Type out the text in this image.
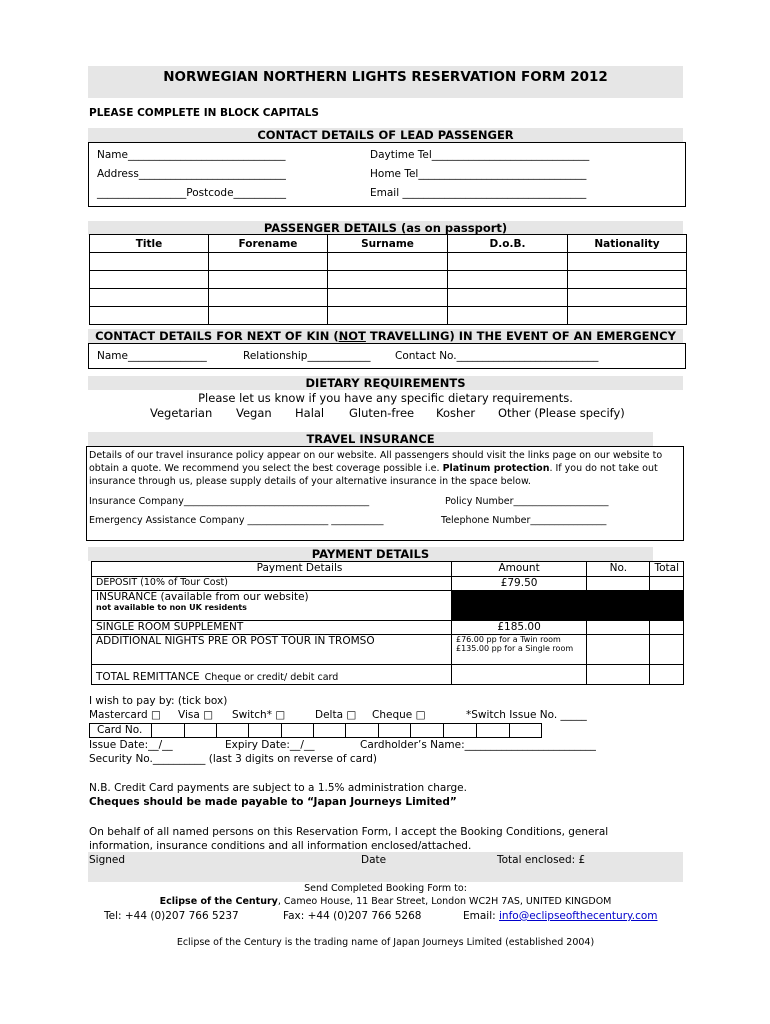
NORWEGIAN NORTHERN LIGHTS RESERVATION FORM 2012
PLEASE COMPLETE IN BLOCK CAPITALS
CONTACT DETAILS OF LEAD PASSENGER
Name______________________________	Daytime Tel______________________________
Address____________________________	Home Tel________________________________
_________________Postcode__________	Email ___________________________________
PASSENGER DETAILS (as on passport)
Title	Forename	Surname	D.o.B.	Nationality

CONTACT DETAILS FOR NEXT OF KIN (NOT TRAVELLING) IN THE EVENT OF AN EMERGENCY
Name_______________	Relationship____________ Contact No.___________________________
DIETARY REQUIREMENTS
Please let us know if you have any specific dietary requirements.
Vegetarian Vegan Halal Gluten-free Kosher Other (Please specify)
TRAVEL INSURANCE
Details of our travel insurance policy appear on our website. All passengers should visit the links page on our website to obtain a quote. We recommend you select the best coverage possible i.e. Platinum protection. If you do not take out insurance through us, please supply details of your alternative insurance in the space below.
Insurance Company_______________________________________	Policy Number____________________
Emergency Assistance Company _________________ ___________	Telephone Number________________
PAYMENT DETAILS
Payment Details	Amount	No.	Total
DEPOSIT (10% of Tour Cost)	£79.50		

INSURANCE (available from our website)
not available to non UK residents			

SINGLE ROOM SUPPLEMENT	£185.00		
ADDITIONAL NIGHTS PRE OR POST TOUR IN TROMSO	£76.00 pp for a Twin room
£135.00 pp for a Single room		

TOTAL REMITTANCE Cheque or credit/ debit card			
I wish to pay by: (tick box)
Mastercard □ Visa □ Switch* □	Delta □ Cheque □	*Switch Issue No. _____
Card No.
Issue Date:__/__	Expiry Date:__/__	Cardholder’s Name:_________________________
Security No.__________ (last 3 digits on reverse of card)
N.B. Credit Card payments are subject to a 1.5% administration charge.
Cheques should be made payable to “Japan Journeys Limited”
On behalf of all named persons on this Reservation Form, I accept the Booking Conditions, general information, insurance conditions and all information enclosed/attached.
Signed	Date	Total enclosed: £
Send Completed Booking Form to:
Eclipse of the Century, Cameo House, 11 Bear Street, London WC2H 7AS, UNITED KINGDOM
Tel: +44 (0)207 766 5237	Fax: +44 (0)207 766 5268	Email: info@eclipseofthecentury.com
Eclipse of the Century is the trading name of Japan Journeys Limited (established 2004)
